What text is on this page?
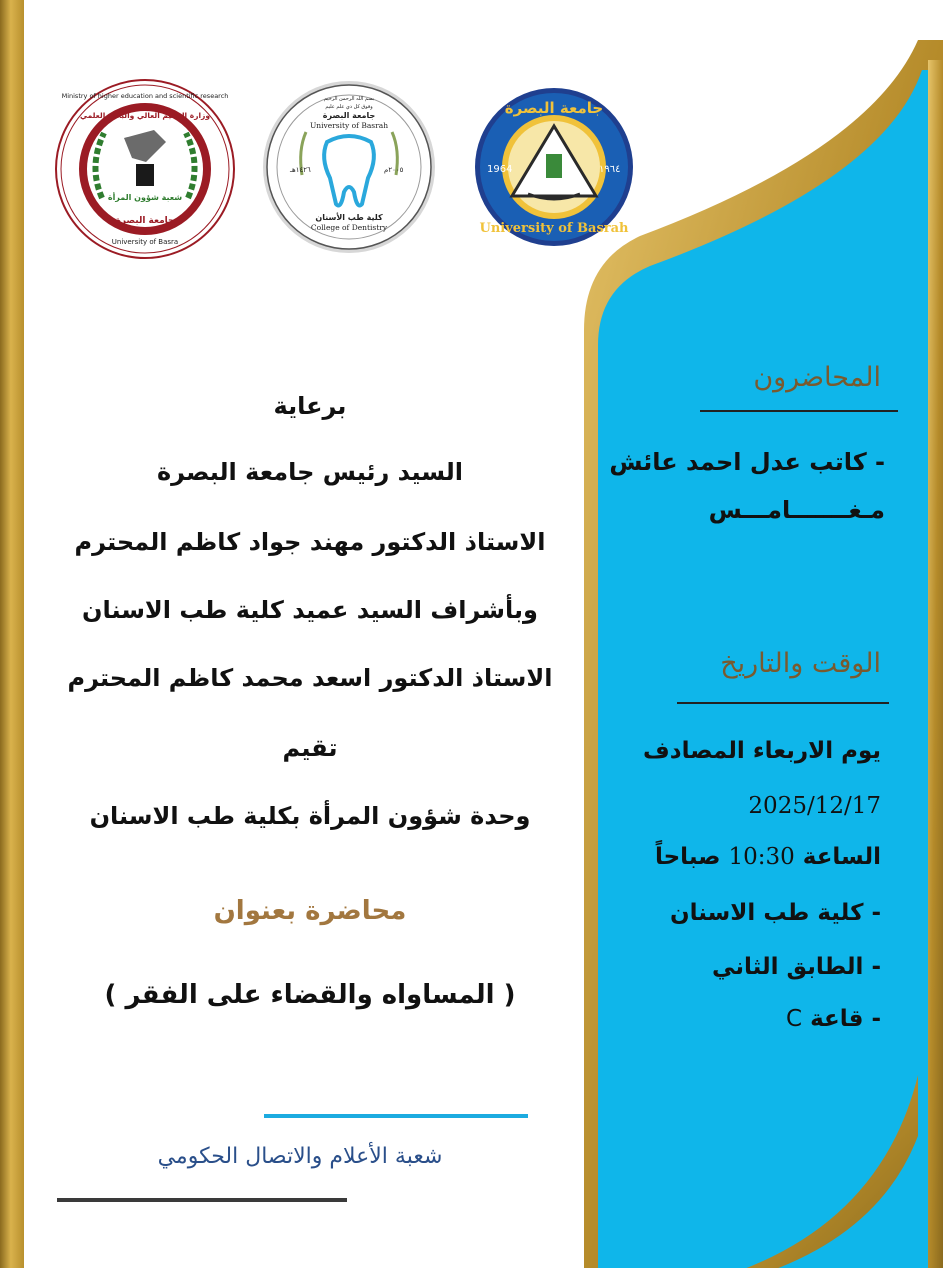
جامعة البصرة
University of Basrah
1964	١٩٦٤
بسم الله الرحمن الرحيم
وفوق كل ذي علم عليم
جامعة البصرة
University of Basrah
كلية طب الأسنان
College of Dentistry
١٤٢٦هـ	٢٠٠٥م
Ministry of higher education and scientific research
وزارة التعليم العالي والبحث العلمي
شعبة شؤون المرأة
جامعة البصرة
University of Basra
برعاية
السيد رئيس جامعة البصرة
الاستاذ الدكتور مهند جواد كاظم المحترم
وبأشراف السيد عميد كلية طب الاسنان
الاستاذ الدكتور اسعد محمد كاظم المحترم
تقيم
وحدة شؤون المرأة بكلية طب الاسنان
محاضرة بعنوان
( المساواه والقضاء على الفقر )
شعبة الأعلام والاتصال الحكومي
المحاضرون
- كاتب عدل احمد عائش
مـغـــــــامـــس
الوقت والتاريخ
يوم الاربعاء المصادف
2025/12/17
الساعة 10:30 صباحاً
- كلية طب الاسنان
- الطابق الثاني
- قاعة C
